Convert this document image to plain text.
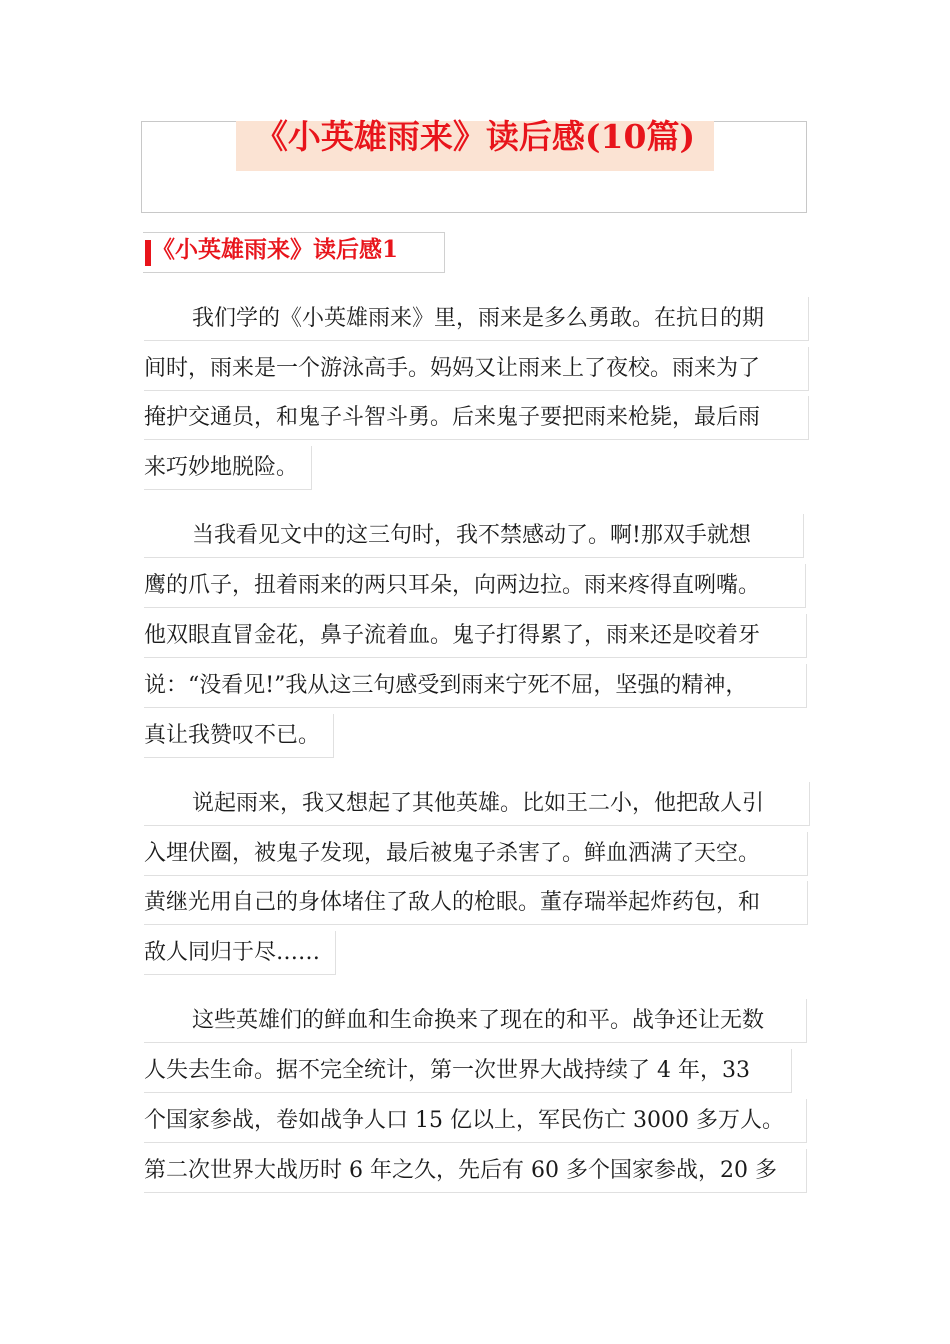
《小英雄雨来》读后感(10篇)
《小英雄雨来》读后感1
我们学的《小英雄雨来》里，雨来是多么勇敢。在抗日的期
间时，雨来是一个游泳高手。妈妈又让雨来上了夜校。雨来为了
掩护交通员，和鬼子斗智斗勇。后来鬼子要把雨来枪毙，最后雨
来巧妙地脱险。
当我看见文中的这三句时，我不禁感动了。啊!那双手就想
鹰的爪子，扭着雨来的两只耳朵，向两边拉。雨来疼得直咧嘴。
他双眼直冒金花，鼻子流着血。鬼子打得累了，雨来还是咬着牙
说：“没看见!”我从这三句感受到雨来宁死不屈，坚强的精神，
真让我赞叹不已。
说起雨来，我又想起了其他英雄。比如王二小，他把敌人引
入埋伏圈，被鬼子发现，最后被鬼子杀害了。鲜血洒满了天空。
黄继光用自己的身体堵住了敌人的枪眼。董存瑞举起炸药包，和
敌人同归于尽……
这些英雄们的鲜血和生命换来了现在的和平。战争还让无数
人失去生命。据不完全统计，第一次世界大战持续了 4 年，33
个国家参战，卷如战争人口 15 亿以上，军民伤亡 3000 多万人。
第二次世界大战历时 6 年之久，先后有 60 多个国家参战，20 多
